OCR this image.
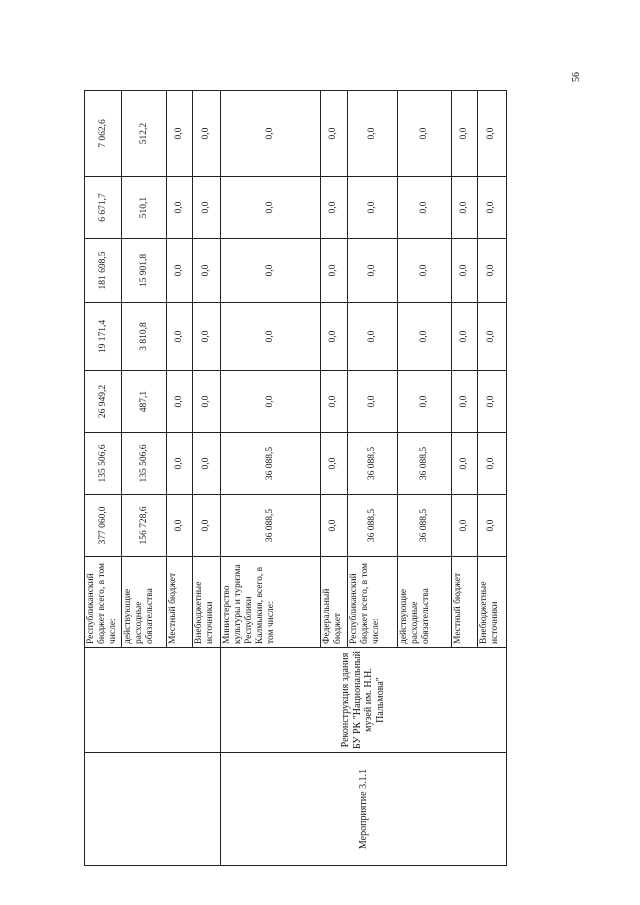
56
		Республиканский бюджет всего, в том числе:	377 060,0	135 506,6	26 949,2	19 171,4	181 698,5	6 671,7	7 062,6
		действующие расходные обязательства	156 728,6	135 506,6	487,1	3 810,8	15 901,8	510,1	512,2
		Местный бюджет	0,0	0,0	0,0	0,0	0,0	0,0	0,0
		Внебюджетные источники	0,0	0,0	0,0	0,0	0,0	0,0	0,0
Мероприятие 3.1.1	Реконструкция здания БУ РК "Национальный музей им. Н.Н. Пальмова"	Министерство культуры и туризма Республики Калмыкия, всего, в том числе:	36 088,5	36 088,5	0,0	0,0	0,0	0,0	0,0
		Федеральный бюджет	0,0	0,0	0,0	0,0	0,0	0,0	0,0
		Республиканский бюджет всего, в том числе:	36 088,5	36 088,5	0,0	0,0	0,0	0,0	0,0
		действующие расходные обязательства	36 088,5	36 088,5	0,0	0,0	0,0	0,0	0,0
		Местный бюджет	0,0	0,0	0,0	0,0	0,0	0,0	0,0
		Внебюджетные источники	0,0	0,0	0,0	0,0	0,0	0,0	0,0
